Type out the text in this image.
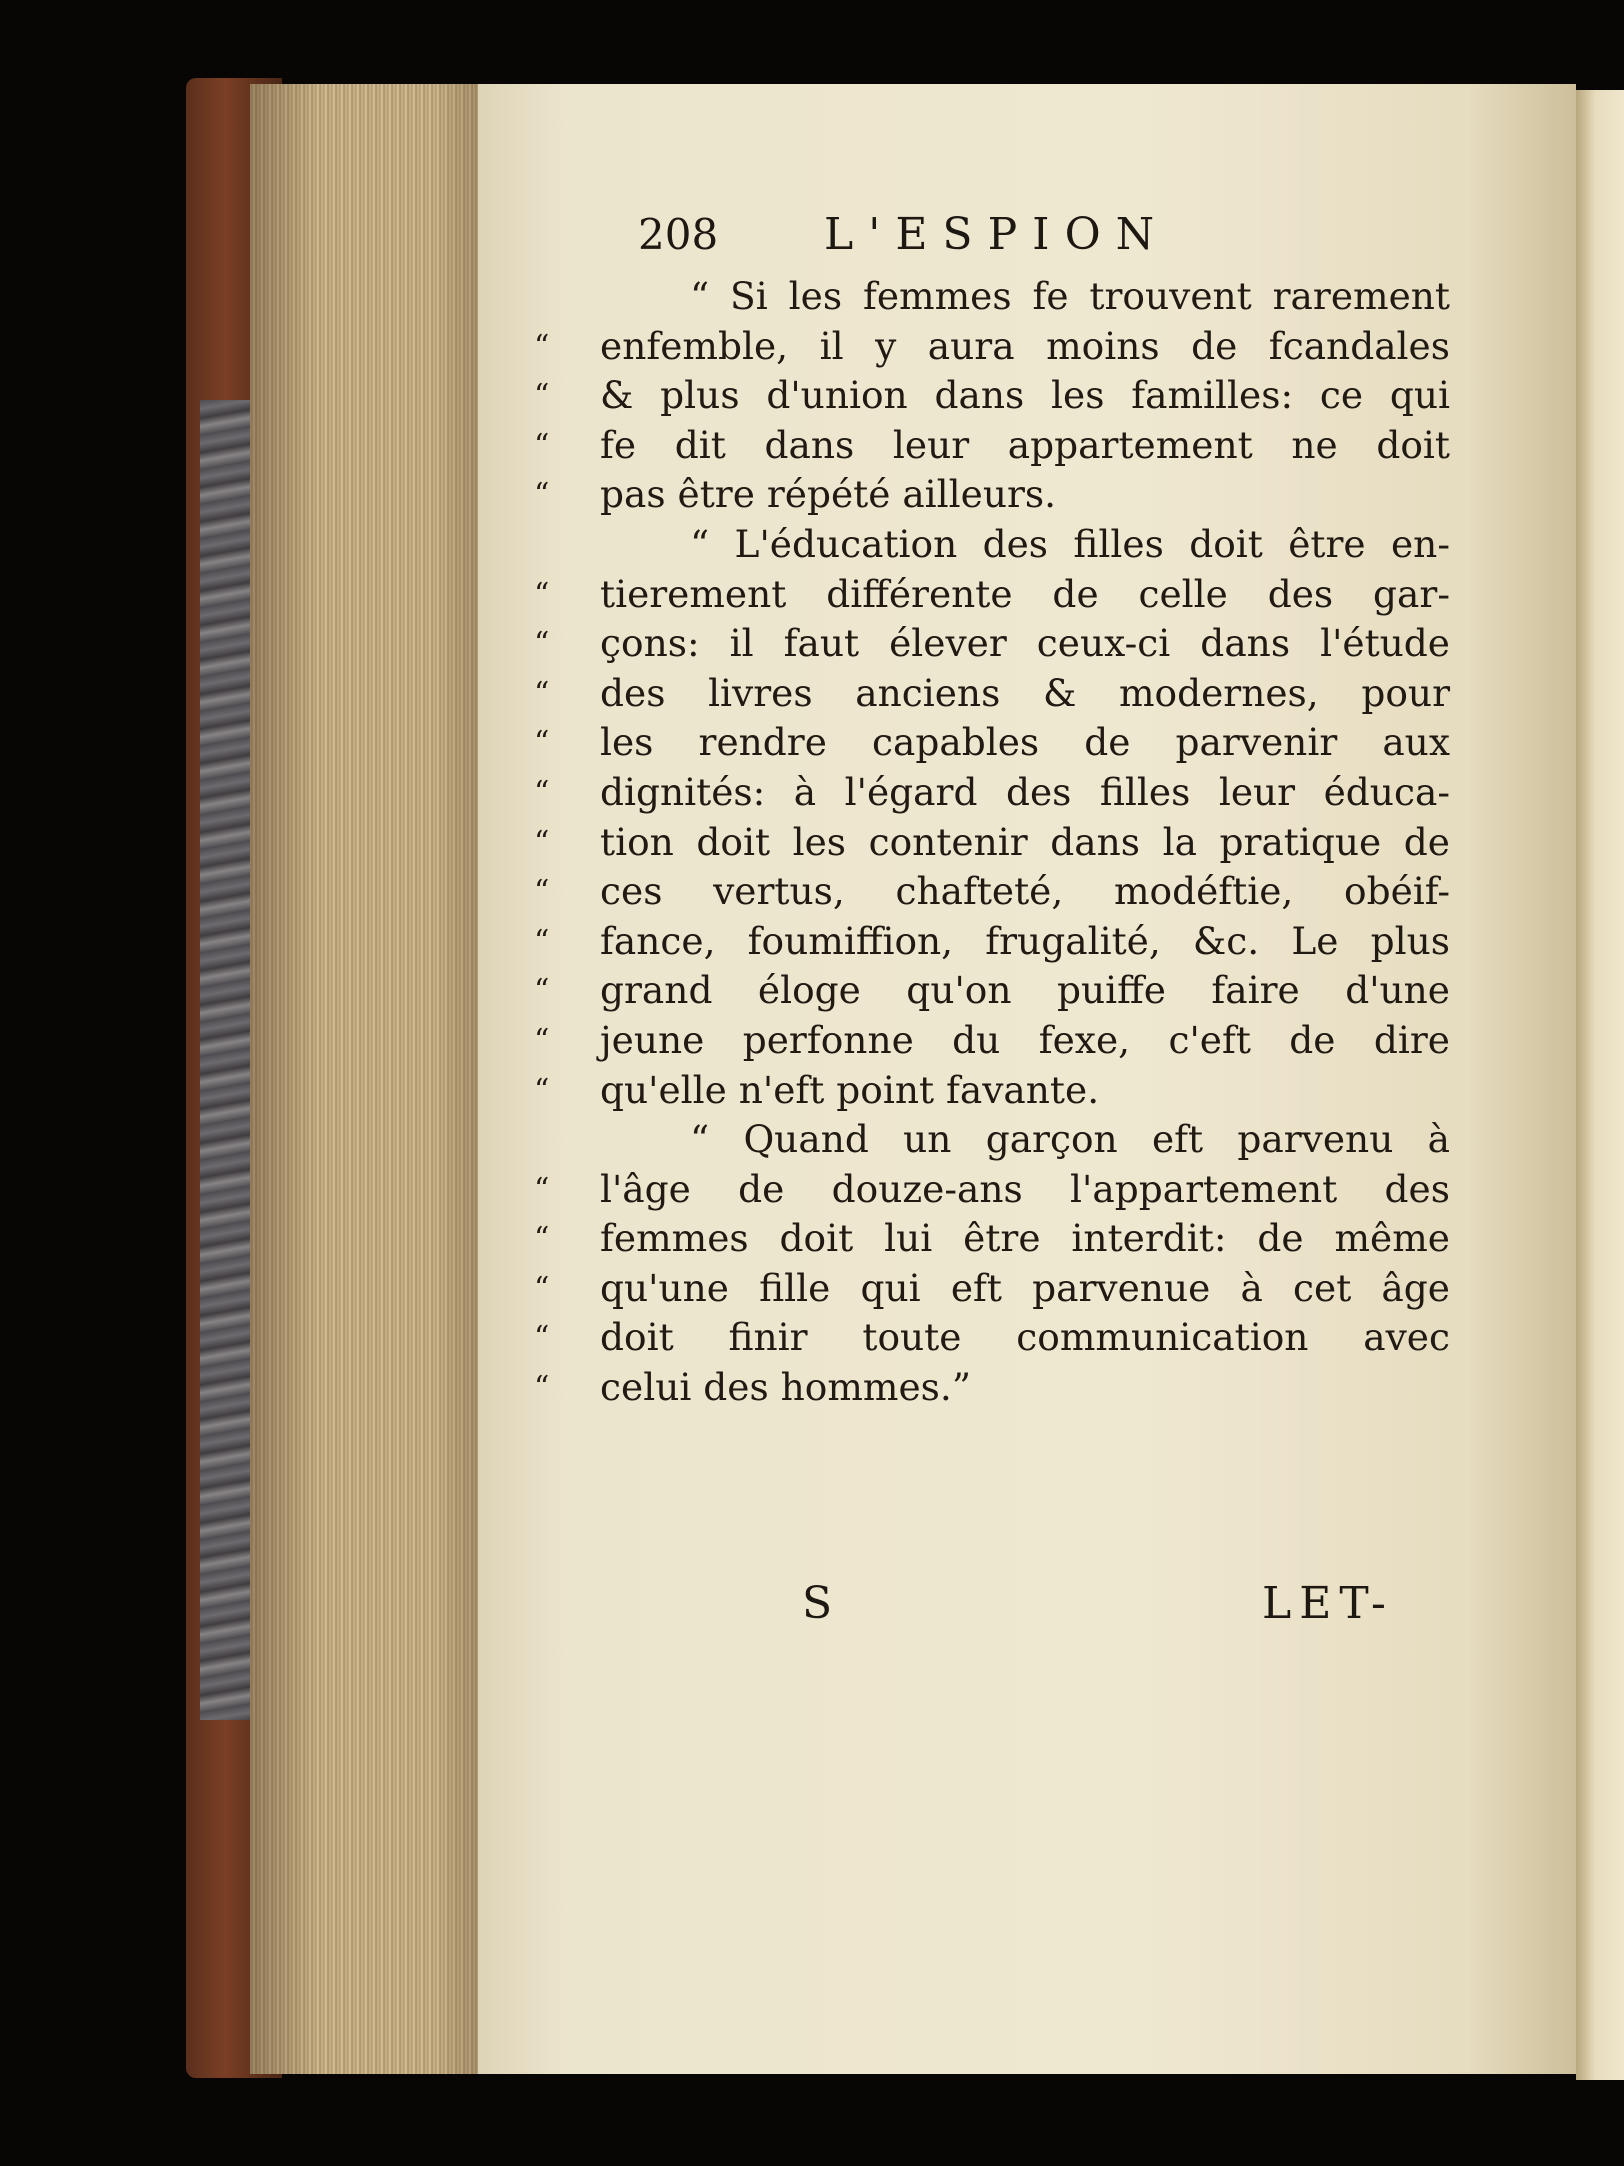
208 L'ESPION
“ Si les femmes fe trouvent rarement
“	enfemble, il y aura moins de fcandales
“	& plus d'union dans les familles: ce qui
“	fe dit dans leur appartement ne doit
“	pas être répété ailleurs.
“ L'éducation des filles doit être en-
“	tierement différente de celle des gar-
“	çons: il faut élever ceux-ci dans l'étude
“	des livres anciens & modernes, pour
“	les rendre capables de parvenir aux
“	dignités: à l'égard des filles leur éduca-
“	tion doit les contenir dans la pratique de
“	ces vertus, chafteté, modéftie, obéif-
“	fance, foumiffion, frugalité, &c. Le plus
“	grand éloge qu'on puiffe faire d'une
“	jeune perfonne du fexe, c'eft de dire
“	qu'elle n'eft point favante.
“ Quand un garçon eft parvenu à
“	l'âge de douze-ans l'appartement des
“	femmes doit lui être interdit: de même
“	qu'une fille qui eft parvenue à cet âge
“	doit finir toute communication avec
“	celui des hommes.”
S	LET-
